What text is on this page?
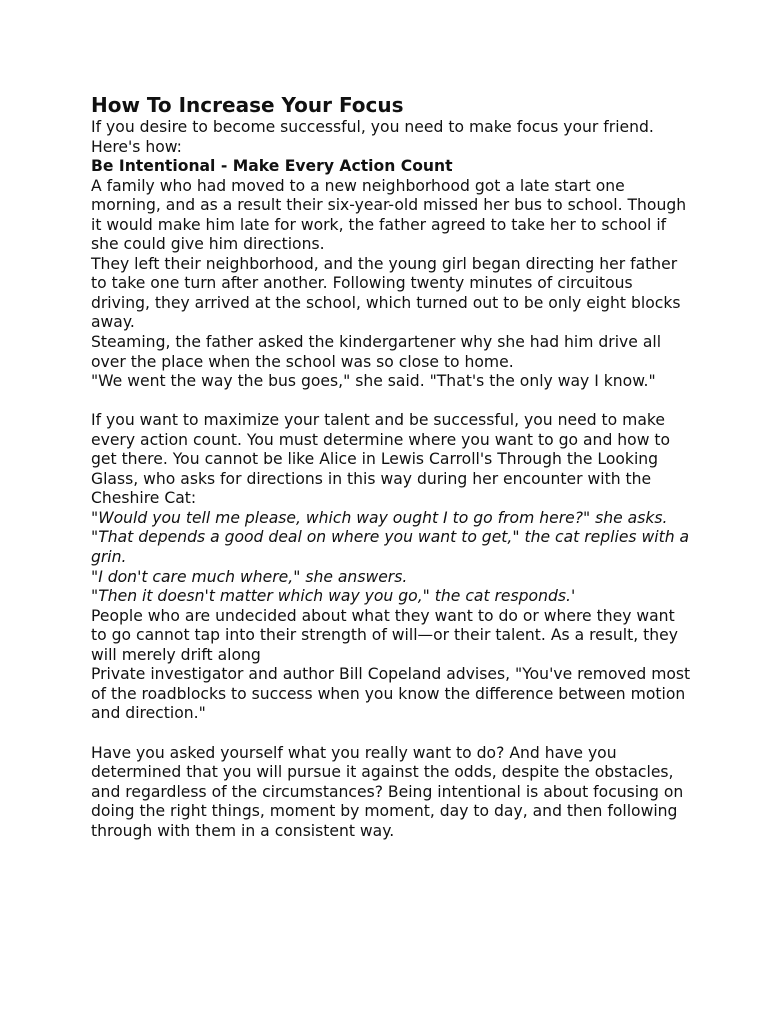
How To Increase Your Focus

If you desire to become successful, you need to make focus your friend.

Here's how:

Be Intentional - Make Every Action Count

A family who had moved to a new neighborhood got a late start one morning, and as a result their six-year-old missed her bus to school. Though it would make him late for work, the father agreed to take her to school if she could give him directions.

They left their neighborhood, and the young girl began directing her father to take one turn after another. Following twenty minutes of circuitous driving, they arrived at the school, which turned out to be only eight blocks away.

Steaming, the father asked the kindergartener why she had him drive all over the place when the school was so close to home.

"We went the way the bus goes," she said. "That's the only way I know."

If you want to maximize your talent and be successful, you need to make every action count. You must determine where you want to go and how to get there. You cannot be like Alice in Lewis Carroll's Through the Looking Glass, who asks for directions in this way during her encounter with the Cheshire Cat:

"Would you tell me please, which way ought I to go from here?" she asks.

"That depends a good deal on where you want to get," the cat replies with a grin.

"I don't care much where," she answers.

"Then it doesn't matter which way you go," the cat responds.'

People who are undecided about what they want to do or where they want to go cannot tap into their strength of will—or their talent. As a result, they will merely drift along

Private investigator and author Bill Copeland advises, "You've removed most of the roadblocks to success when you know the difference between motion and direction."

Have you asked yourself what you really want to do? And have you determined that you will pursue it against the odds, despite the obstacles, and regardless of the circumstances? Being intentional is about focusing on doing the right things, moment by moment, day to day, and then following through with them in a consistent way.
